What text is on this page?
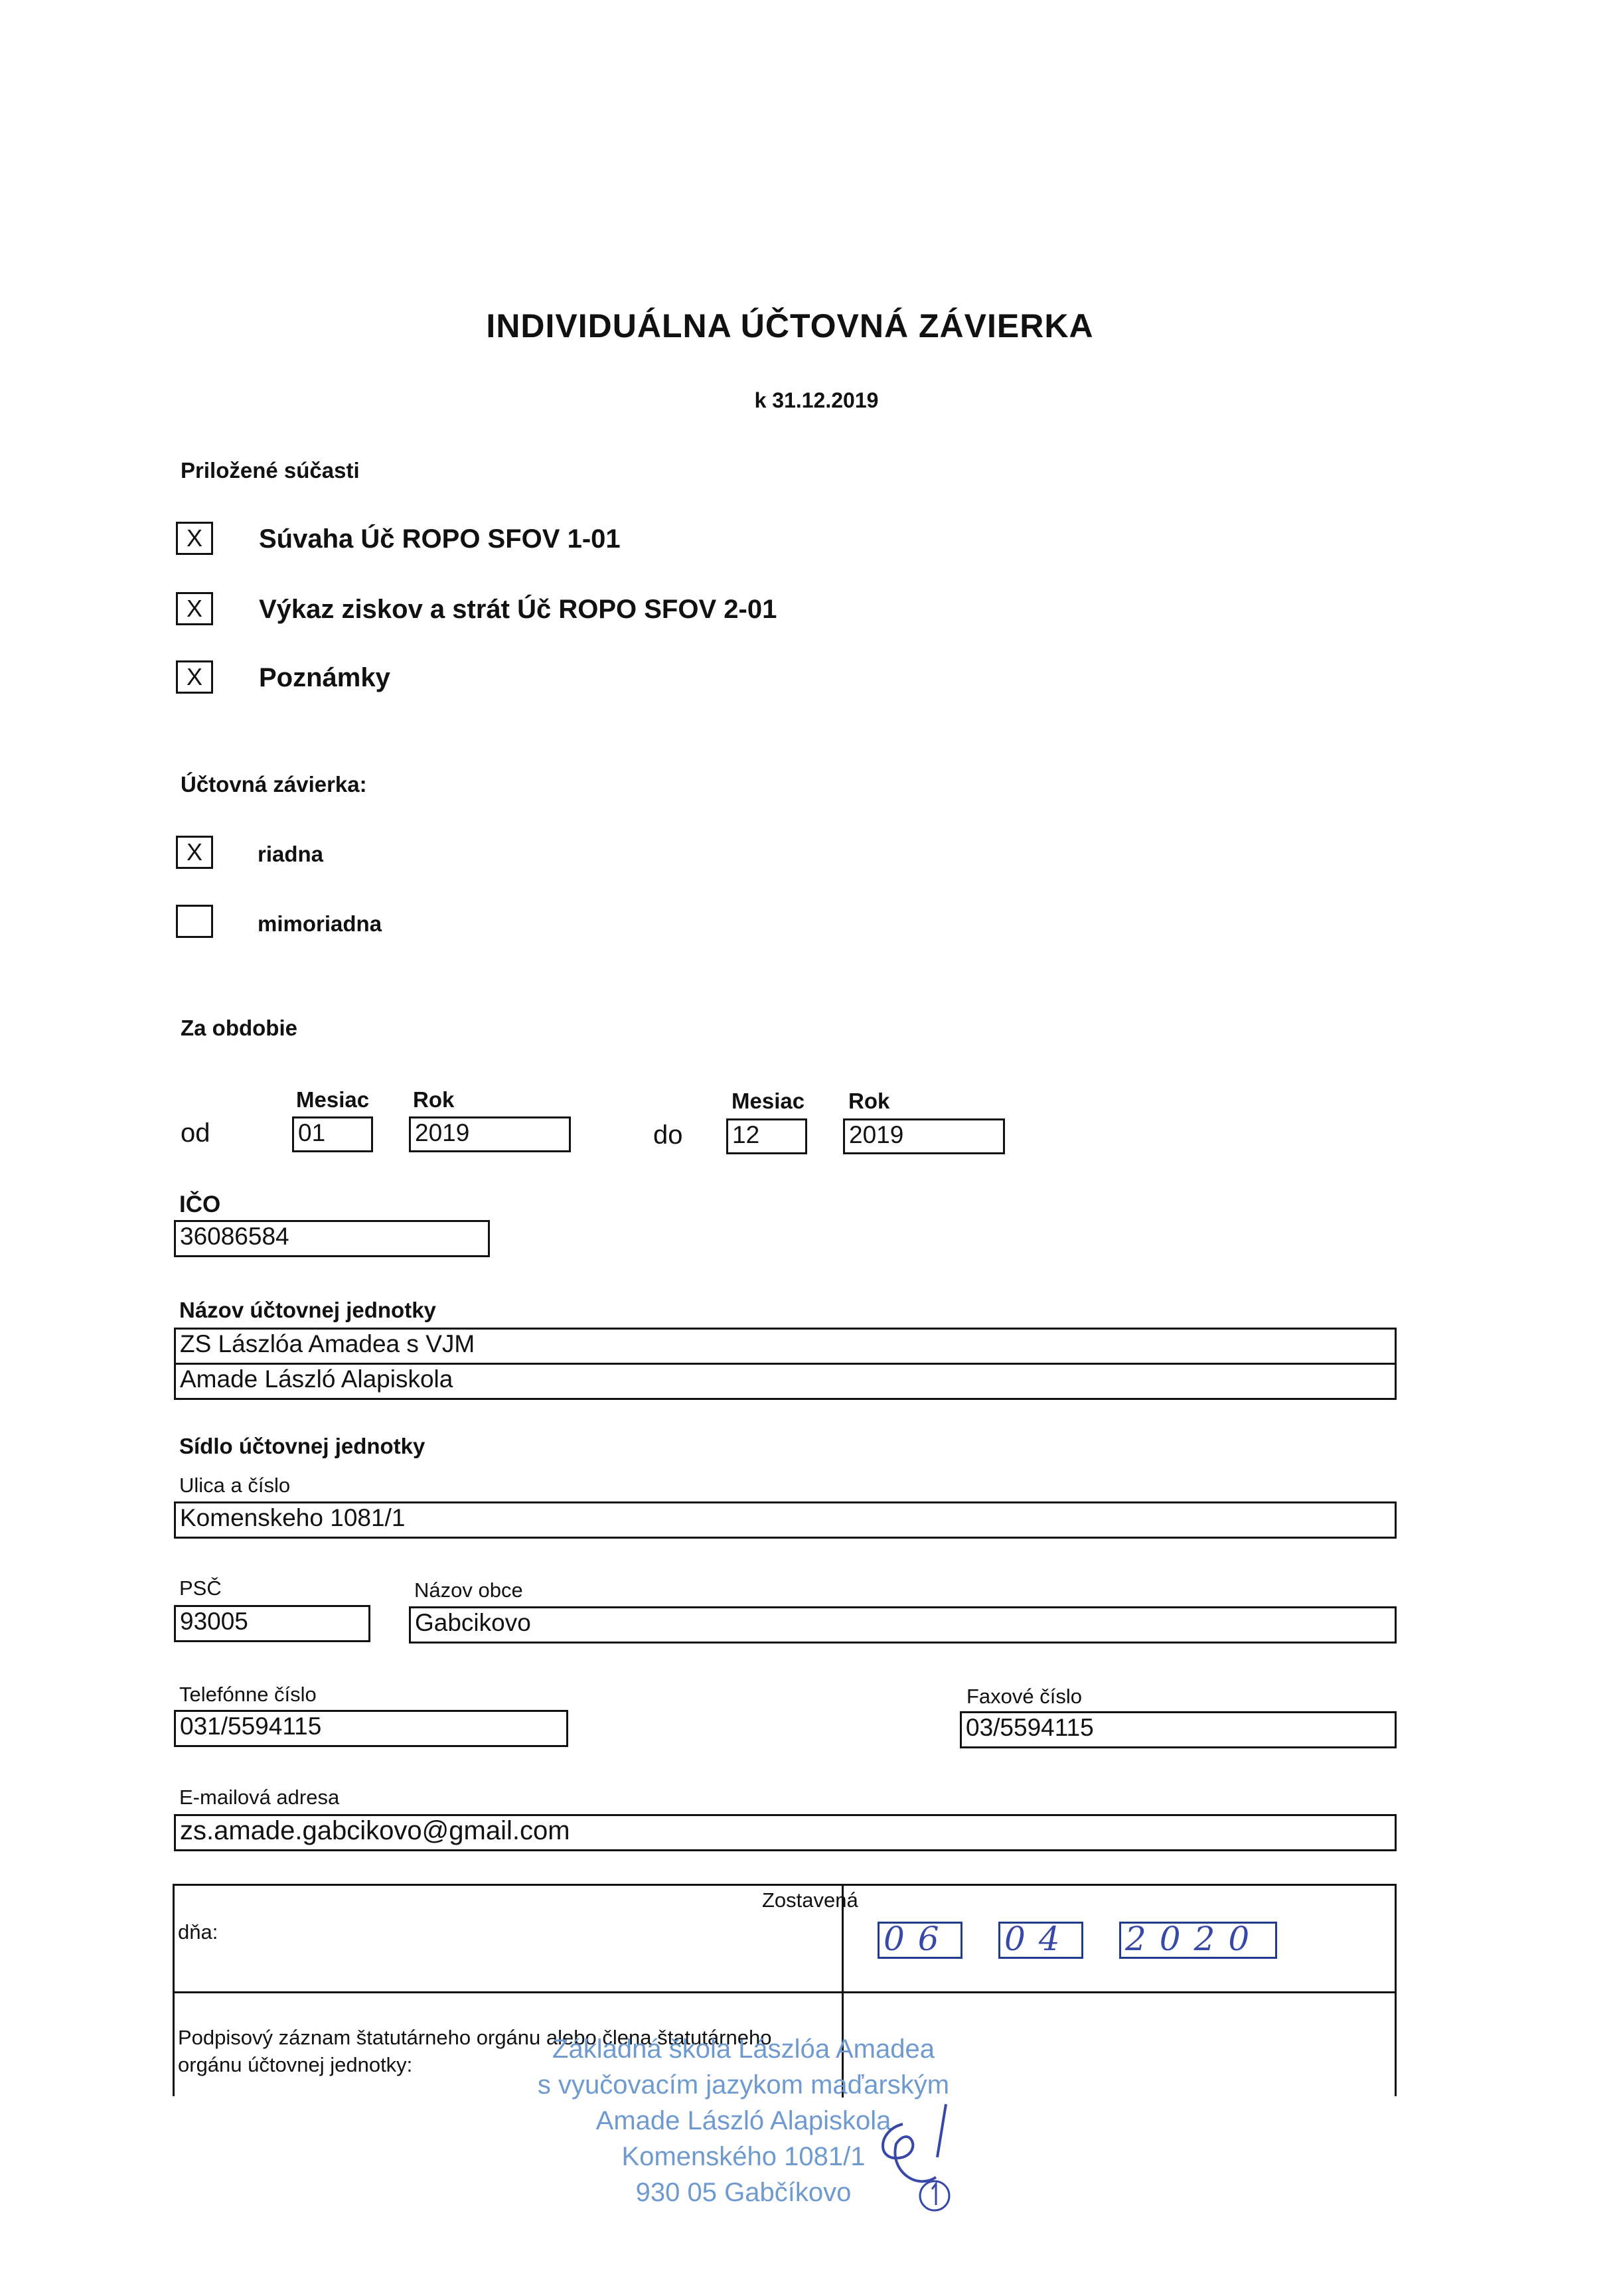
INDIVIDUÁLNA ÚČTOVNÁ ZÁVIERKA
k 31.12.2019
Priložené súčasti
X	Súvaha Úč ROPO SFOV 1-01
X	Výkaz ziskov a strát Úč ROPO SFOV 2-01
X	Poznámky
Účtovná závierka:
X	riadna
mimoriadna
Za obdobie
Mesiac Rok	Mesiac Rok
od	01	2019	do 12	2019
IČO
36086584
Názov účtovnej jednotky
ZS Lászlóa Amadea s VJM
Amade László Alapiskola
Sídlo účtovnej jednotky
Ulica a číslo
Komenskeho 1081/1
PSČ
93005
Názov obce
Gabcikovo
Telefónne číslo
031/5594115
Faxové číslo
03/5594115
E-mailová adresa
zs.amade.gabcikovo@gmail.com
Zostavená
dňa:	06	04	2020
Podpisový záznam štatutárneho orgánu alebo člena štatutárneho
orgánu účtovnej jednotky:
Základná škola Lászlóa Amadea
s vyučovacím jazykom maďarským
Amade László Alapiskola
Komenského 1081/1
930 05 Gabčíkovo
